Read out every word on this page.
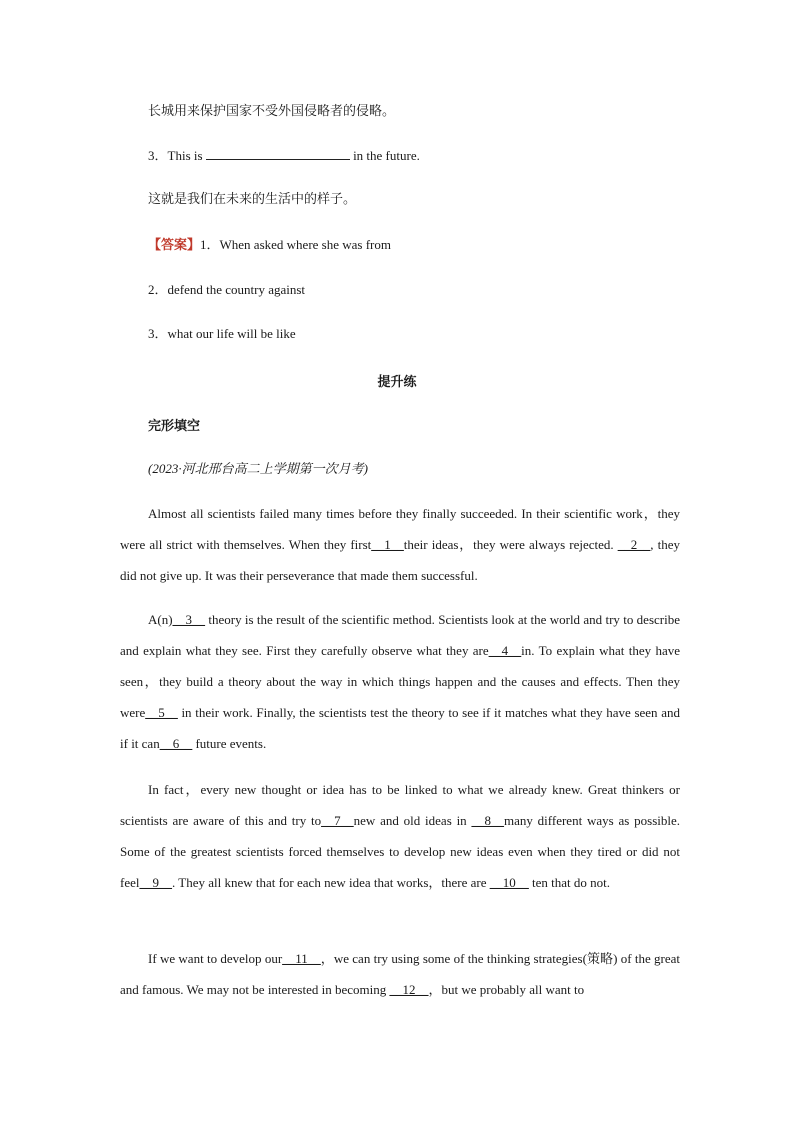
长城用来保护国家不受外国侵略者的侵略。
3．This is	in the future.
这就是我们在未来的生活中的样子。
【答案】1．When asked where she was from
2．defend the country against
3．what our life will be like
提升练
完形填空
(2023·河北邢台高二上学期第一次月考)
Almost all scientists failed many times before they finally succeeded. In their scientific work，they were all strict with themselves. When they first__1__their ideas，they were always rejected. __2__, they did not give up. It was their perseverance that made them successful.
A(n)__3__ theory is the result of the scientific method. Scientists look at the world and try to describe and explain what they see. First they carefully observe what they are__4__in. To explain what they have seen，they build a theory about the way in which things happen and the causes and effects. Then they were__5__ in their work. Finally, the scientists test the theory to see if it matches what they have seen and if it can__6__ future events.
In fact，every new thought or idea has to be linked to what we already knew. Great thinkers or scientists are aware of this and try to__7__new and old ideas in __8__many different ways as possible. Some of the greatest scientists forced themselves to develop new ideas even when they tired or did not feel__9__. They all knew that for each new idea that works，there are __10__ ten that do not.
If we want to develop our__11__，we can try using some of the thinking strategies(策略) of the great and famous. We may not be interested in becoming __12__，but we probably all want to
